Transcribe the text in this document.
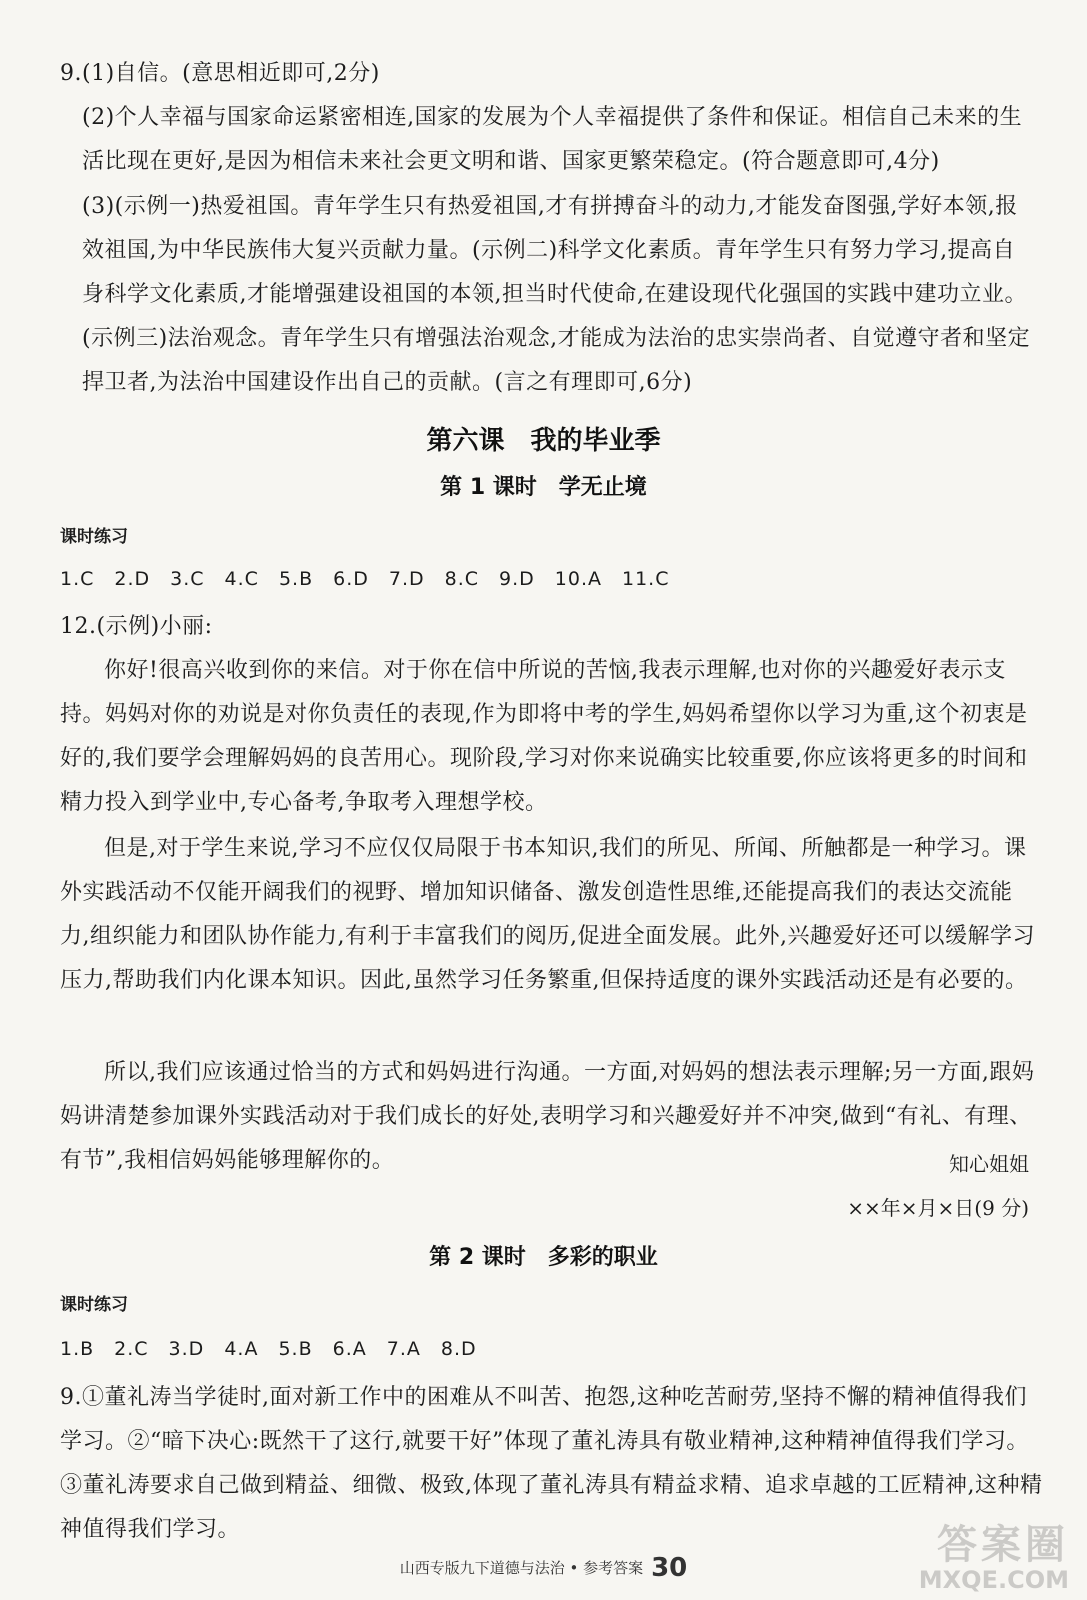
9.(1)自信。(意思相近即可,2分)
(2)个人幸福与国家命运紧密相连,国家的发展为个人幸福提供了条件和保证。相信自己未来的生活比现在更好,是因为相信未来社会更文明和谐、国家更繁荣稳定。(符合题意即可,4分)
(3)(示例一)热爱祖国。青年学生只有热爱祖国,才有拼搏奋斗的动力,才能发奋图强,学好本领,报效祖国,为中华民族伟大复兴贡献力量。(示例二)科学文化素质。青年学生只有努力学习,提高自身科学文化素质,才能增强建设祖国的本领,担当时代使命,在建设现代化强国的实践中建功立业。(示例三)法治观念。青年学生只有增强法治观念,才能成为法治的忠实崇尚者、自觉遵守者和坚定捍卫者,为法治中国建设作出自己的贡献。(言之有理即可,6分)
第六课　我的毕业季
第 1 课时　学无止境
课时练习
1.C　2.D　3.C　4.C　5.B　6.D　7.D　8.C　9.D　10.A　11.C
12.(示例)小丽:
你好!很高兴收到你的来信。对于你在信中所说的苦恼,我表示理解,也对你的兴趣爱好表示支持。妈妈对你的劝说是对你负责任的表现,作为即将中考的学生,妈妈希望你以学习为重,这个初衷是好的,我们要学会理解妈妈的良苦用心。现阶段,学习对你来说确实比较重要,你应该将更多的时间和精力投入到学业中,专心备考,争取考入理想学校。
但是,对于学生来说,学习不应仅仅局限于书本知识,我们的所见、所闻、所触都是一种学习。课外实践活动不仅能开阔我们的视野、增加知识储备、激发创造性思维,还能提高我们的表达交流能力,组织能力和团队协作能力,有利于丰富我们的阅历,促进全面发展。此外,兴趣爱好还可以缓解学习压力,帮助我们内化课本知识。因此,虽然学习任务繁重,但保持适度的课外实践活动还是有必要的。
所以,我们应该通过恰当的方式和妈妈进行沟通。一方面,对妈妈的想法表示理解;另一方面,跟妈妈讲清楚参加课外实践活动对于我们成长的好处,表明学习和兴趣爱好并不冲突,做到“有礼、有理、有节”,我相信妈妈能够理解你的。	知心姐姐
××年×月×日(9 分)
第 2 课时　多彩的职业
课时练习
1.B　2.C　3.D　4.A　5.B　6.A　7.A　8.D
9.①董礼涛当学徒时,面对新工作中的困难从不叫苦、抱怨,这种吃苦耐劳,坚持不懈的精神值得我们学习。②“暗下决心:既然干了这行,就要干好”体现了董礼涛具有敬业精神,这种精神值得我们学习。③董礼涛要求自己做到精益、细微、极致,体现了董礼涛具有精益求精、追求卓越的工匠精神,这种精神值得我们学习。
山西专版九下道德与法治 • 参考答案 30	答案圈
MXQE.COM
